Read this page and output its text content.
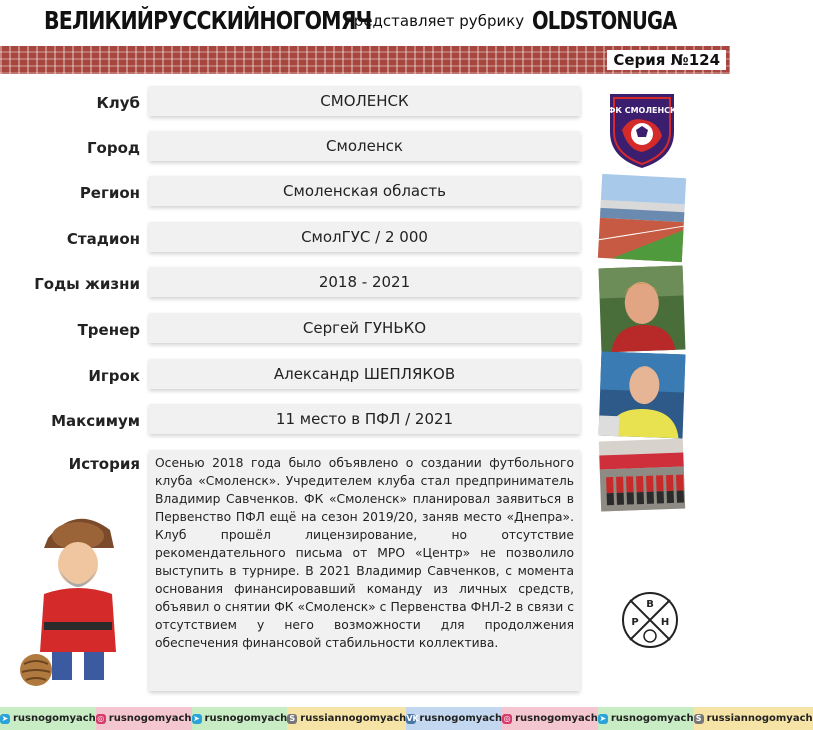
ВЕЛИКИЙРУССКИЙНОГОМЯЧ
представляет рубрику OLDSTONUGA
Серия №124
Клуб	СМОЛЕНСК
Город	Смоленск
Регион	Смоленская область
Стадион	СмолГУС / 2 000
Годы жизни	2018 - 2021
Тренер	Сергей ГУНЬКО
Игрок	Александр ШЕПЛЯКОВ
Максимум	11 место в ПФЛ / 2021
История	Осенью 2018 года было объявлено о создании футбольного клуба «Смоленск». Учредителем клуба стал предприниматель Владимир Савченков. ФК «Смоленск» планировал заявиться в Первенство ПФЛ ещё на сезон 2019/20, заняв место «Днепра». Клуб прошёл лицензирование, но отсутствие рекомендательного письма от МРО «Центр» не позволило выступить в турнире. В 2021 Владимир Савченков, с момента основания финансировавший команду из личных средств, объявил о снятии ФК «Смоленск» с Первенства ФНЛ-2 в связи с отсутствием у него возможности для продолжения обеспечения финансовой стабильности коллектива.
ФК СМОЛЕНСК
В
Р Н
➤ rusnogomyach ◎ rusnogomyach ➤ rusnogomyach S russiannogomyach VK rusnogomyach ◎ rusnogomyach ➤ rusnogomyach S russiannogomyach
